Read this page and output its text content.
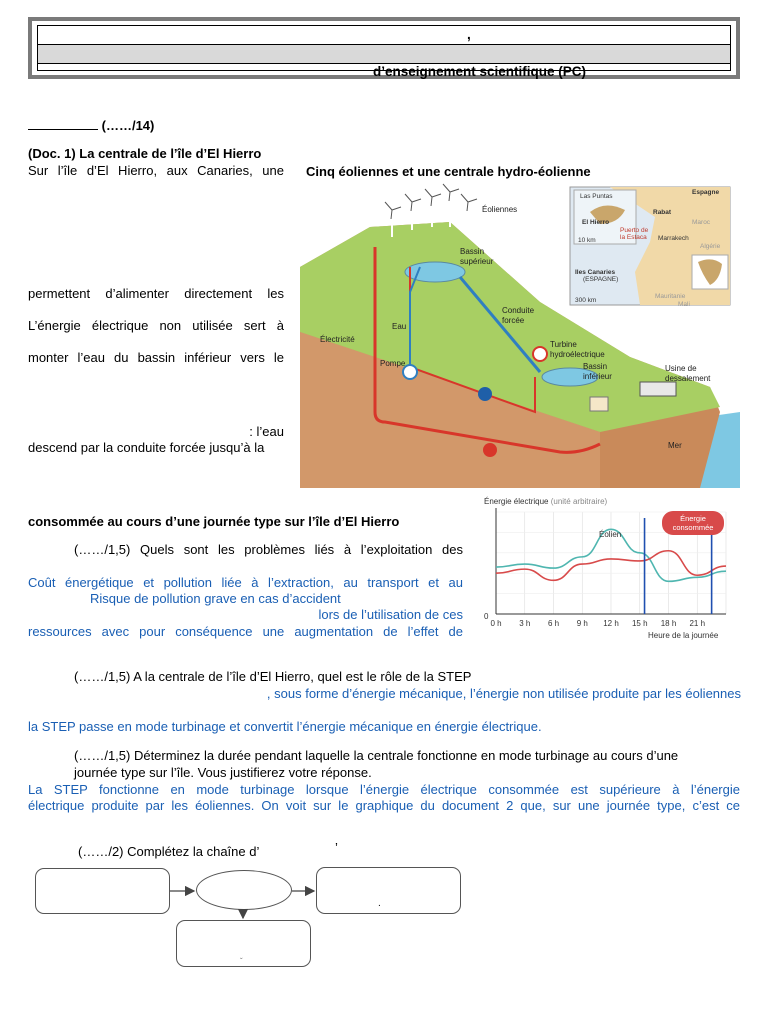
,
d’enseignement scientifique (PC)
(……/14)
(Doc. 1) La centrale de l’île d’El Hierro
Sur l’île d’El Hierro, aux Canaries, une
permettent d’alimenter directement les
L’énergie électrique non utilisée sert à
monter l’eau du bassin inférieur vers le
: l’eau
descend par la conduite forcée jusqu’à la
Cinq éoliennes et une centrale hydro-éolienne
Éoliennes
Bassin
supérieur
Conduite
forcée
Turbine
hydroélectrique
Bassin
inférieur
Électricité
Eau
Pompe
Usine de
dessalement
Mer
Espagne
Las Puntas
El Hierro
Puerto de
la Estaca
Rabat
Maroc
Marrakech
Algérie
Iles Canaries
(ESPAGNE)
Mauritanie
Mali
10 km
300 km
consommée au cours d’une journée type sur l’île d’El Hierro
Énergie électrique (unité arbitraire)
0 h 3 h 6 h 9 h 12 h 15 h 18 h 21 h
0
Heure de la journée
Éolien
Énergie consommée
(……/1,5) Quels sont les problèmes liés à l’exploitation des
Coût énergétique et pollution liée à l’extraction, au transport et au
Risque de pollution grave en cas d’accident
lors de l’utilisation de ces
ressources avec pour conséquence une augmentation de l’effet de
(……/1,5) A la centrale de l’île d’El Hierro, quel est le rôle de la STEP
, sous forme d’énergie mécanique, l’énergie non utilisée produite par les éoliennes
la STEP passe en mode turbinage et convertit l’énergie mécanique en énergie électrique.
(……/1,5) Déterminez la durée pendant laquelle la centrale fonctionne en mode turbinage au cours d’une
journée type sur l’île. Vous justifierez votre réponse.
La STEP fonctionne en mode turbinage lorsque l’énergie électrique consommée est supérieure à l’énergie
électrique produite par les éoliennes. On voit sur le graphique du document 2 que, sur une journée type, c’est ce
(……/2) Complétez la chaîne d’	’
.
ˇ
